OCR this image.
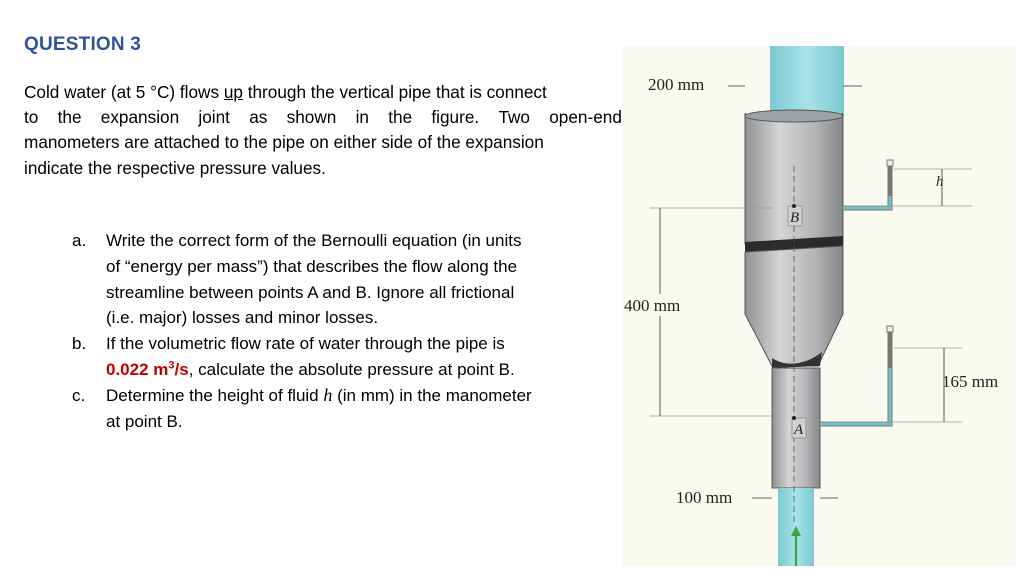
QUESTION 3
Cold water (at 5 °C) flows up through the vertical pipe that is connect
to the expansion joint as shown in the figure. Two open-end
manometers are attached to the pipe on either side of the expansion
indicate the respective pressure values.
a. Write the correct form of the Bernoulli equation (in units
of “energy per mass”) that describes the flow along the
streamline between points A and B. Ignore all frictional
(i.e. major) losses and minor losses.
b. If the volumetric flow rate of water through the pipe is
0.022 $m^3/s$, calculate the absolute pressure at point B.
c. Determine the height of fluid h (in mm) in the manometer
at point B.
h
165 mm
400 mm
200 mm
100 mm
B
A
